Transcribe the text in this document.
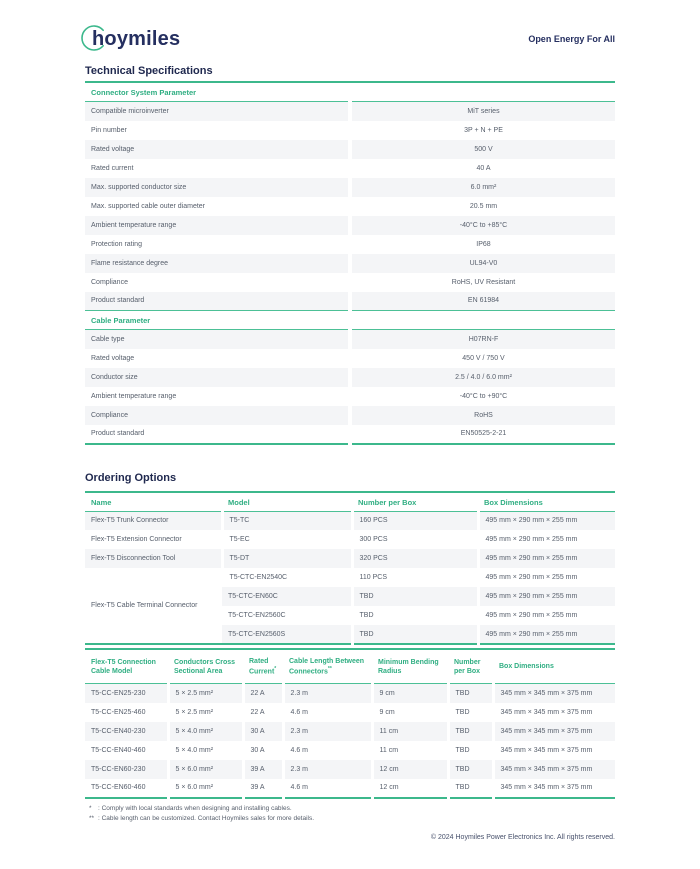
hoymiles	Open Energy For All
Technical Specifications
Connector System Parameter	
Compatible microinverter	MiT series
Pin number	3P + N + PE
Rated voltage	500 V
Rated current	40 A
Max. supported conductor size	6.0 mm²
Max. supported cable outer diameter	20.5 mm
Ambient temperature range	-40°C to +85°C
Protection rating	IP68
Flame resistance degree	UL94-V0
Compliance	RoHS, UV Resistant
Product standard	EN 61984
Cable Parameter	
Cable type	H07RN-F
Rated voltage	450 V / 750 V
Conductor size	2.5 / 4.0 / 6.0 mm²
Ambient temperature range	-40°C to +90°C
Compliance	RoHS
Product standard	EN50525-2-21
Ordering Options
Name	Model	Number per Box	Box Dimensions
Flex-T5 Trunk Connector	T5-TC	160 PCS	495 mm × 290 mm × 255 mm
Flex-T5 Extension Connector	T5-EC	300 PCS	495 mm × 290 mm × 255 mm
Flex-T5 Disconnection Tool	T5-DT	320 PCS	495 mm × 290 mm × 255 mm
Flex-T5 Cable Terminal Connector	T5-CTC-EN2540C	110 PCS	495 mm × 290 mm × 255 mm
	T5-CTC-EN60C	TBD	495 mm × 290 mm × 255 mm
	T5-CTC-EN2560C	TBD	495 mm × 290 mm × 255 mm
	T5-CTC-EN2560S	TBD	495 mm × 290 mm × 255 mm
Flex-T5 Connection Cable Model	Conductors Cross Sectional Area	Rated Current*	Cable Length Between Connectors**	Minimum Bending Radius	Number per Box	Box Dimensions
T5-CC-EN25-230	5 × 2.5 mm²	22 A	2.3 m	9 cm	TBD	345 mm × 345 mm × 375 mm
T5-CC-EN25-460	5 × 2.5 mm²	22 A	4.6 m	9 cm	TBD	345 mm × 345 mm × 375 mm
T5-CC-EN40-230	5 × 4.0 mm²	30 A	2.3 m	11 cm	TBD	345 mm × 345 mm × 375 mm
T5-CC-EN40-460	5 × 4.0 mm²	30 A	4.6 m	11 cm	TBD	345 mm × 345 mm × 375 mm
T5-CC-EN60-230	5 × 6.0 mm²	39 A	2.3 m	12 cm	TBD	345 mm × 345 mm × 375 mm
T5-CC-EN60-460	5 × 6.0 mm²	39 A	4.6 m	12 cm	TBD	345 mm × 345 mm × 375 mm
* : Comply with local standards when designing and installing cables.
** : Cable length can be customized. Contact Hoymiles sales for more details.
© 2024 Hoymiles Power Electronics Inc. All rights reserved.
